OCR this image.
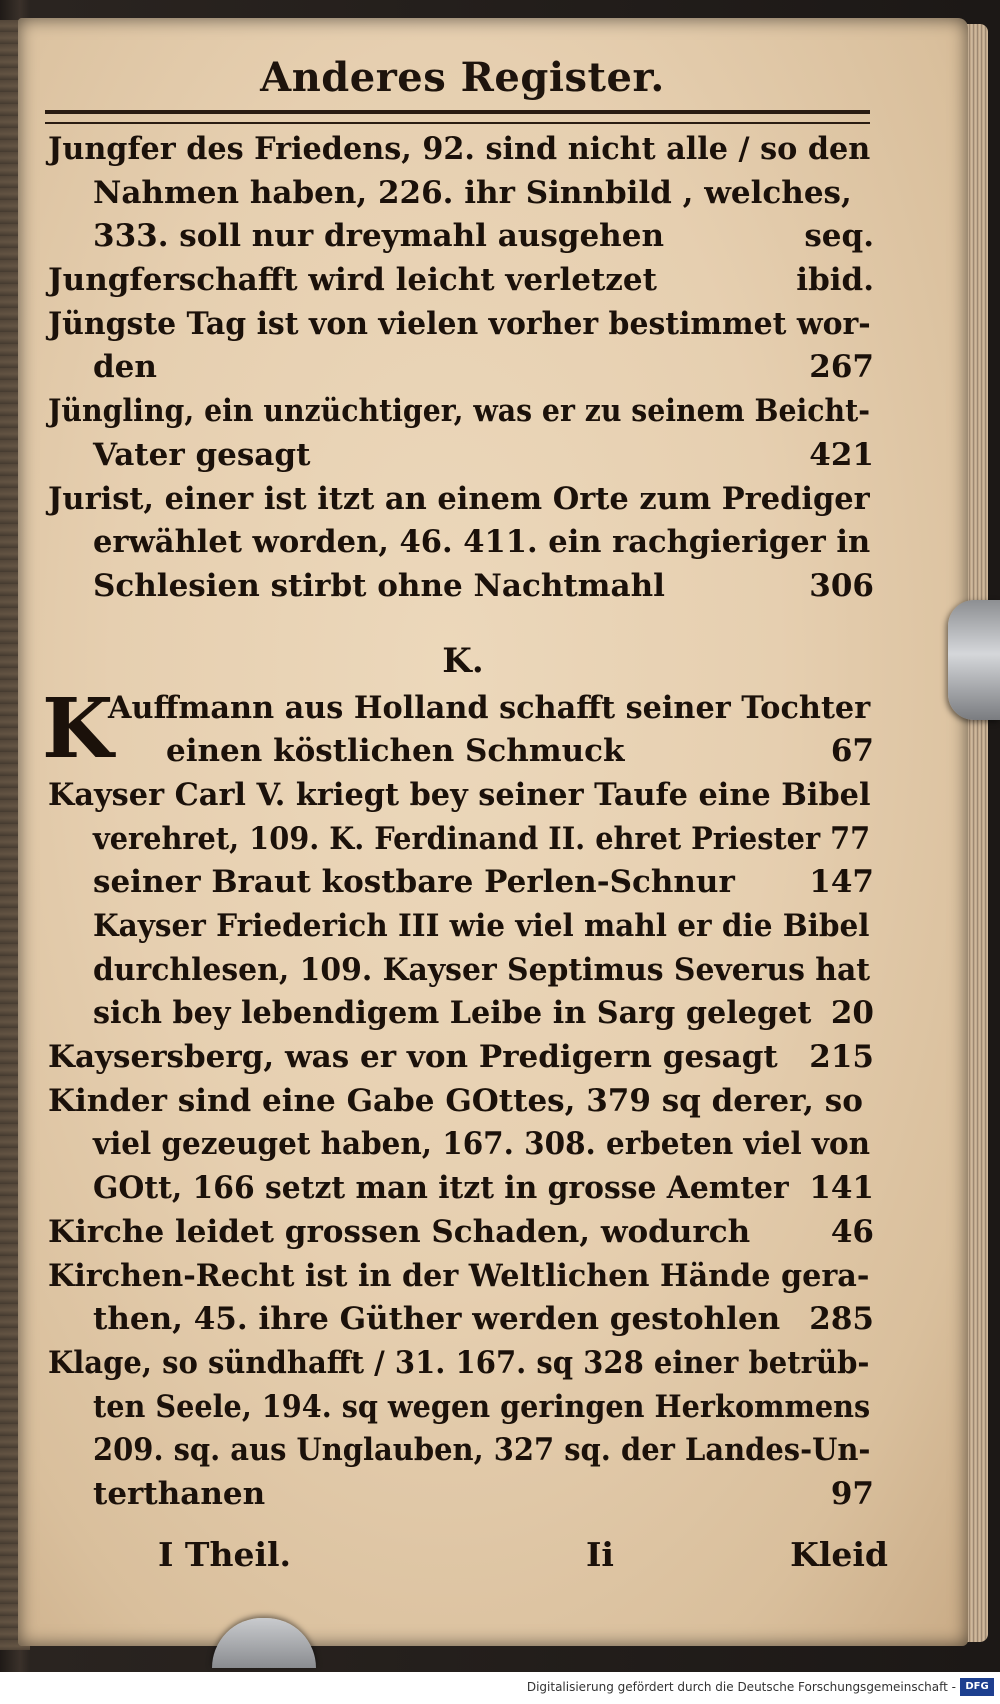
Anderes Register.
Jungfer des Friedens, 92. sind nicht alle / so den
Nahmen haben, 226. ihr Sinnbild , welches,
333. soll nur dreymahl ausgehen	seq.
Jungferschafft wird leicht verletzet	ibid.
Jüngste Tag ist von vielen vorher bestimmet wor-
den	267
Jüngling, ein unzüchtiger, was er zu seinem Beicht-
Vater gesagt	421
Jurist, einer ist itzt an einem Orte zum Prediger
erwählet worden, 46. 411. ein rachgieriger in
Schlesien stirbt ohne Nachtmahl	306
K.
K
Auffmann aus Holland schafft seiner Tochter
einen köstlichen Schmuck	67
Kayser Carl V. kriegt bey seiner Taufe eine Bibel
verehret, 109. K. Ferdinand II. ehret Priester 77
seiner Braut kostbare Perlen-Schnur 147
Kayser Friederich III wie viel mahl er die Bibel
durchlesen, 109. Kayser Septimus Severus hat
sich bey lebendigem Leibe in Sarg geleget 20
Kaysersberg, was er von Predigern gesagt 215
Kinder sind eine Gabe GOttes, 379 sq derer, so
viel gezeuget haben, 167. 308. erbeten viel von
GOtt, 166 setzt man itzt in grosse Aemter 141
Kirche leidet grossen Schaden, wodurch	46
Kirchen-Recht ist in der Weltlichen Hände gera-
then, 45. ihre Güther werden gestohlen 285
Klage, so sündhafft / 31. 167. sq 328 einer betrüb-
ten Seele, 194. sq wegen geringen Herkommens
209. sq. aus Unglauben, 327 sq. der Landes-Un-
terthanen	97
I Theil.	Ii	Kleid
Digitalisierung gefördert durch die Deutsche Forschungsgemeinschaft - DFG
